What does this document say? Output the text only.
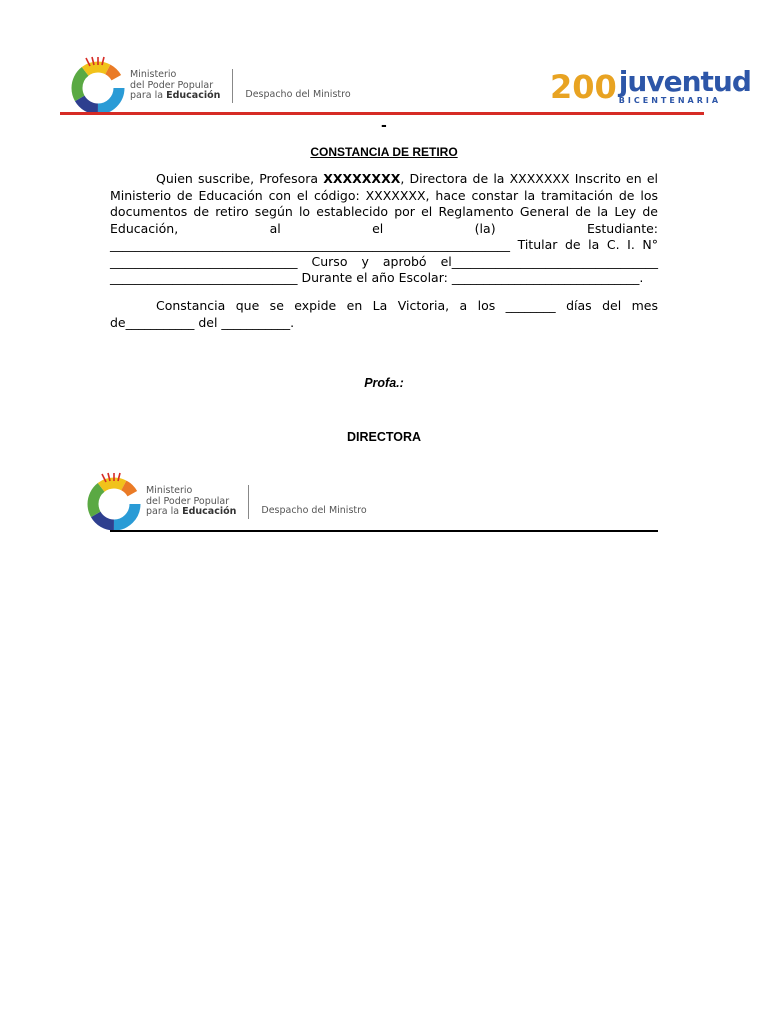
Ministerio
del Poder Popular
para la Educación	Despacho del Ministro	200 juventud
BICENTENARIA
-
CONSTANCIA DE RETIRO
Quien suscribe, Profesora XXXXXXXX, Directora de la XXXXXXX Inscrito en el Ministerio de Educación con el código: XXXXXXX, hace constar la tramitación de los documentos de retiro según lo establecido por el Reglamento General de la Ley de Educación, al el (la) Estudiante: ________________________________________________________________ Titular de la C. I. N° ______________________________ Curso y aprobó el_________________________________ ______________________________ Durante el año Escolar: ______________________________.
Constancia que se expide en La Victoria, a los ________ días del mes de___________ del ___________.
Profa.:
DIRECTORA
Ministerio
del Poder Popular
para la Educación	Despacho del Ministro
